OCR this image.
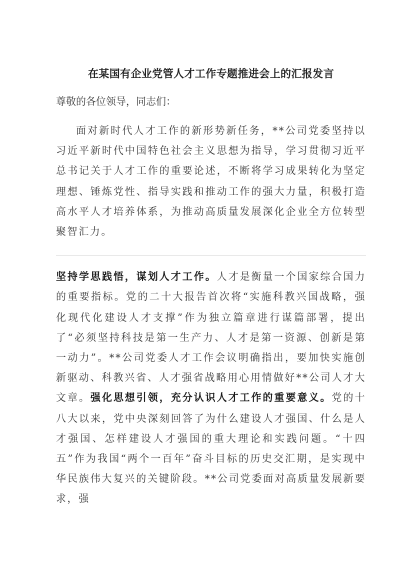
在某国有企业党管人才工作专题推进会上的汇报发言
尊敬的各位领导，同志们：

面对新时代人才工作的新形势新任务，**公司党委坚持以习近平新时代中国特色社会主义思想为指导，学习贯彻习近平总书记关于人才工作的重要论述，不断将学习成果转化为坚定理想、锤炼党性、指导实践和推动工作的强大力量，积极打造高水平人才培养体系，为推动高质量发展深化企业全方位转型聚智汇力。

坚持学思践悟，谋划人才工作。人才是衡量一个国家综合国力的重要指标。党的二十大报告首次将“实施科教兴国战略，强化现代化建设人才支撑”作为独立篇章进行谋篇部署，提出了“必须坚持科技是第一生产力、人才是第一资源、创新是第一动力”。**公司党委人才工作会议明确指出，要加快实施创新驱动、科教兴省、人才强省战略用心用情做好**公司人才大文章。强化思想引领，充分认识人才工作的重要意义。党的十八大以来，党中央深刻回答了为什么建设人才强国、什么是人才强国、怎样建设人才强国的重大理论和实践问题。“十四五”作为我国“两个一百年”奋斗目标的历史交汇期，是实现中华民族伟大复兴的关键阶段。**公司党委面对高质量发展新要求，强
